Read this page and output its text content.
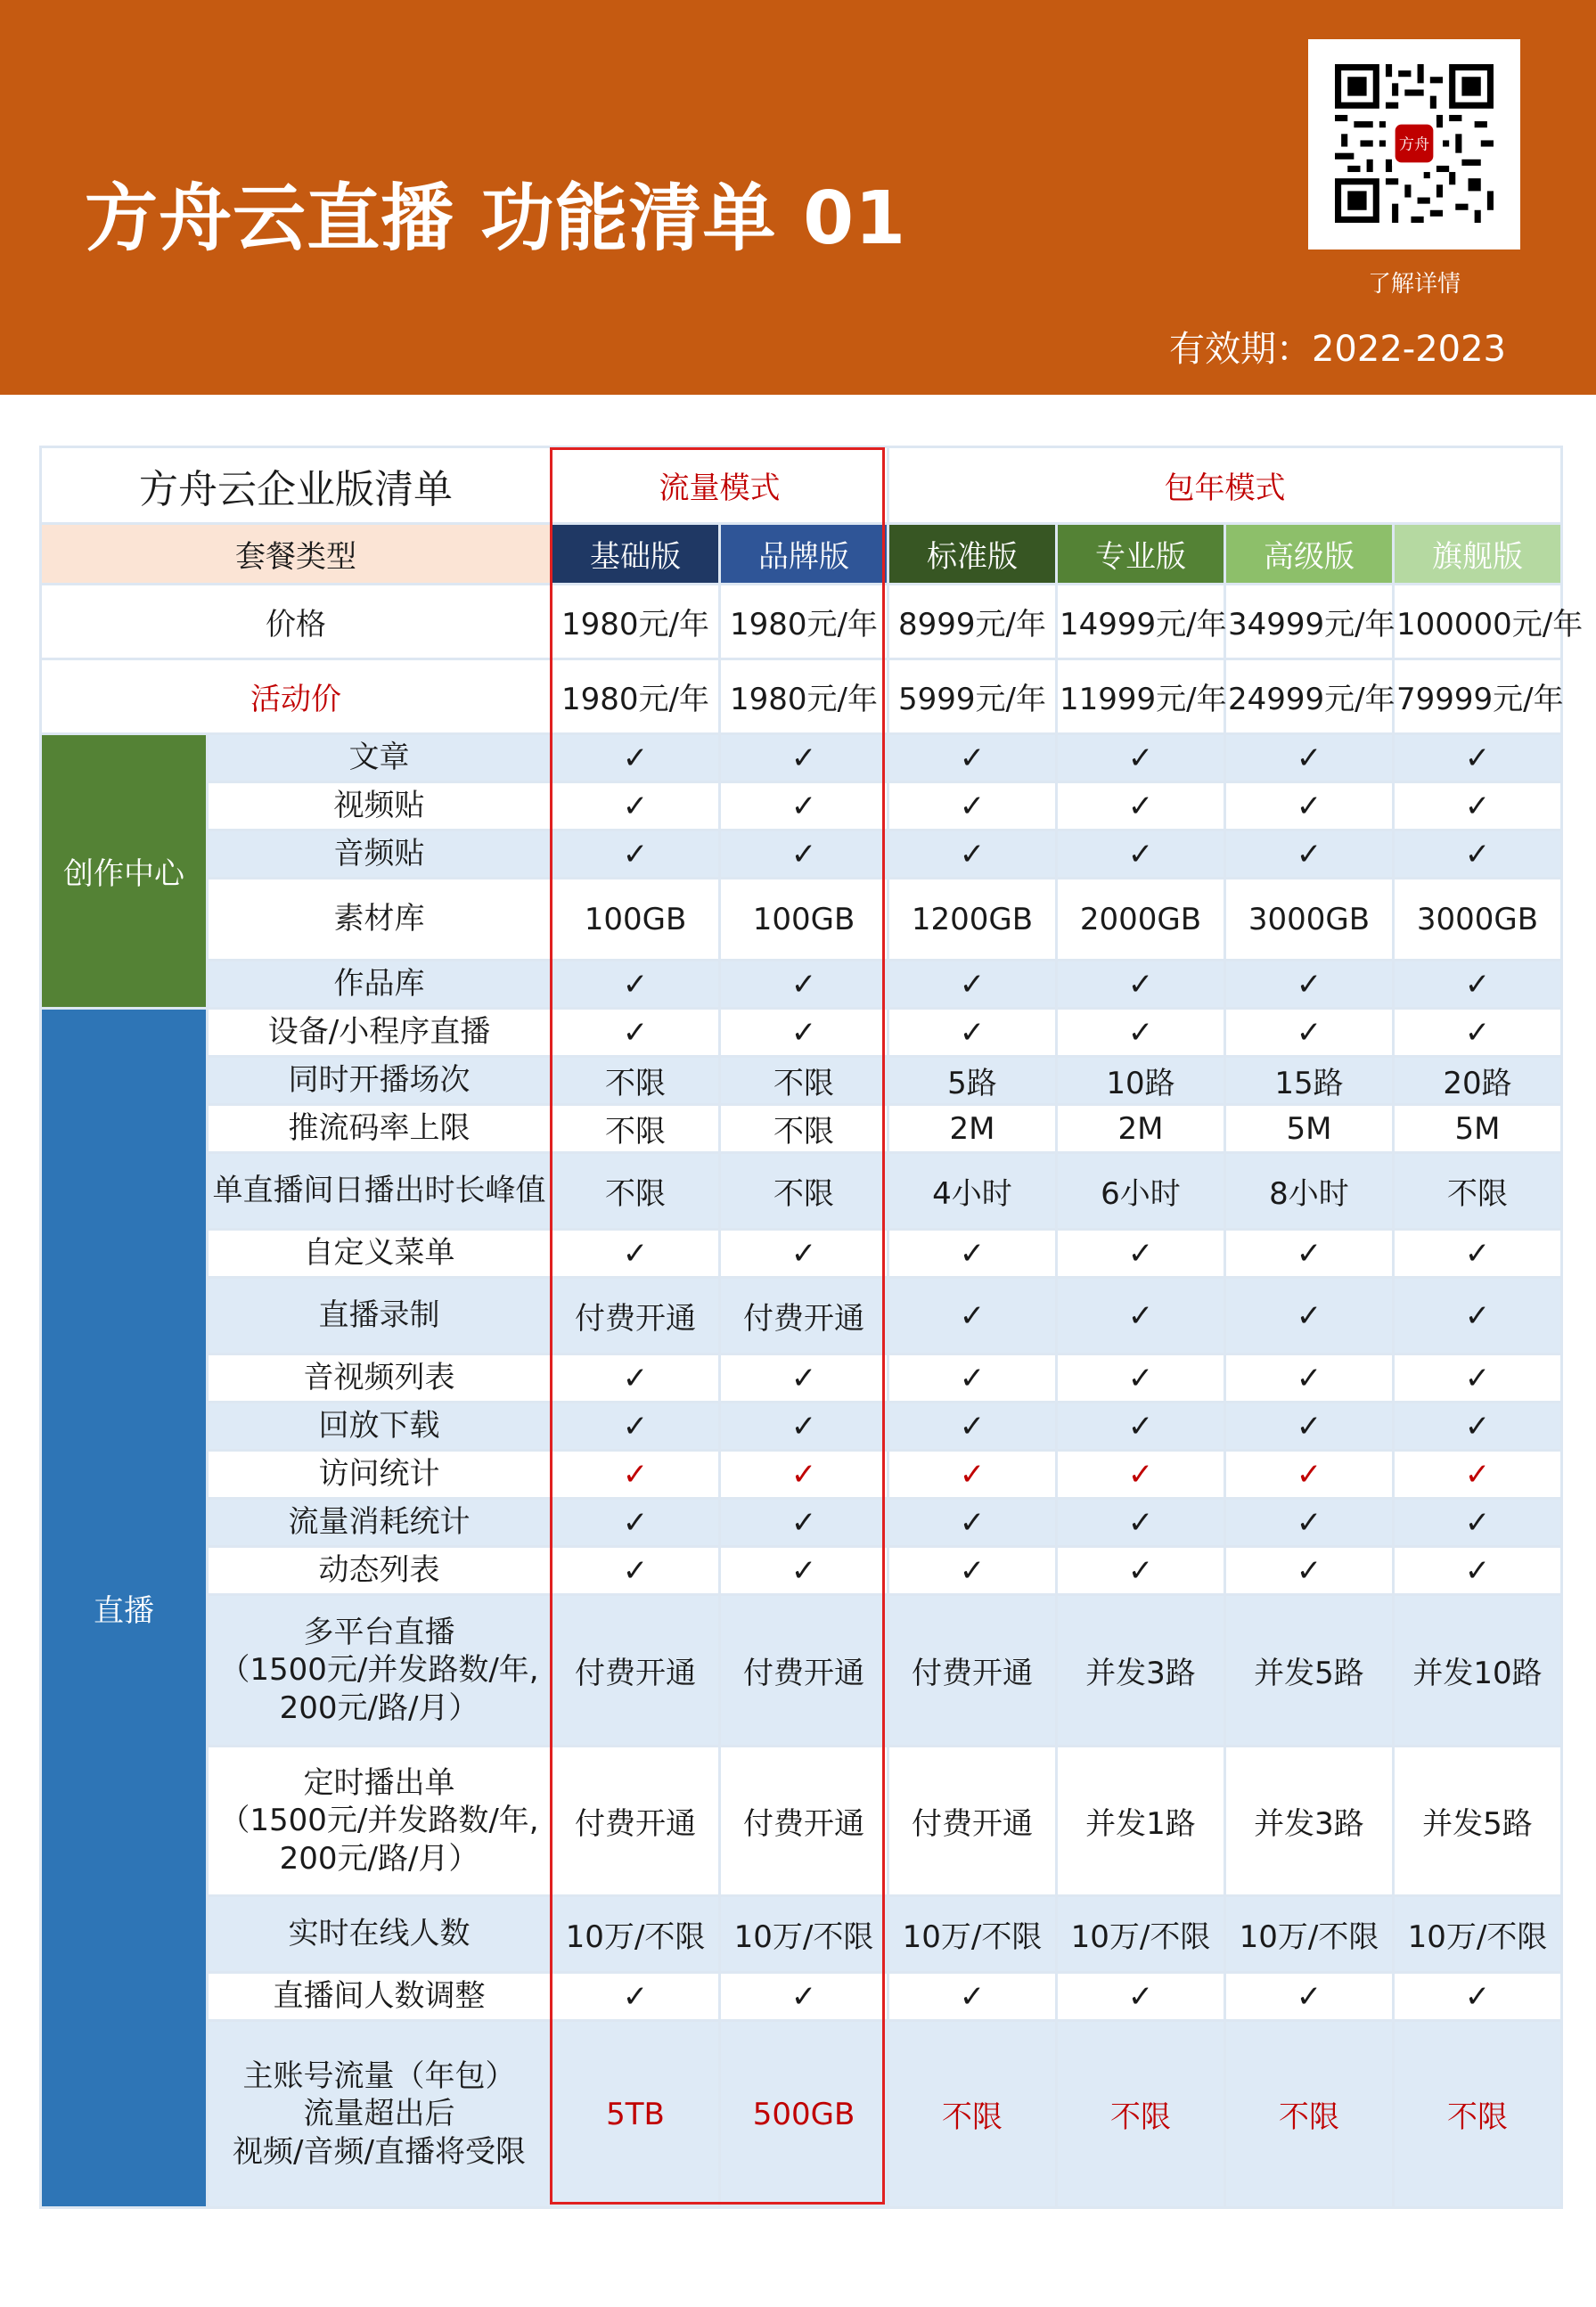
方舟云直播 功能清单 01
方舟
了解详情
有效期：2022-2023
方舟云企业版清单		流量模式		包年模式			
套餐类型		基础版	品牌版	标准版	专业版	高级版	旗舰版
价格		1980元/年	1980元/年	8999元/年	14999元/年	34999元/年	100000元/年
活动价		1980元/年	1980元/年	5999元/年	11999元/年	24999元/年	79999元/年
创作中心	文章	✓	✓	✓	✓	✓	✓

	视频贴	✓	✓	✓	✓	✓	✓

	音频贴	✓	✓	✓	✓	✓	✓

	素材库	100GB	100GB	1200GB	2000GB	3000GB	3000GB

	作品库	✓	✓	✓	✓	✓	✓
直播	设备/小程序直播	✓	✓	✓	✓	✓	✓

	同时开播场次	不限	不限	5路	10路	15路	20路

	推流码率上限	不限	不限	2M	2M	5M	5M

	单直播间日播出时长峰值	不限	不限	4小时	6小时	8小时	不限

	自定义菜单	✓	✓	✓	✓	✓	✓

	直播录制	付费开通	付费开通	✓	✓	✓	✓

	音视频列表	✓	✓	✓	✓	✓	✓

	回放下载	✓	✓	✓	✓	✓	✓

	访问统计	✓	✓	✓	✓	✓	✓

	流量消耗统计	✓	✓	✓	✓	✓	✓

	动态列表	✓	✓	✓	✓	✓	✓

	多平台直播
（1500元/并发路数/年,
200元/路/月）	付费开通	付费开通	付费开通	并发3路	并发5路	并发10路

	定时播出单
（1500元/并发路数/年,
200元/路/月）	付费开通	付费开通	付费开通	并发1路	并发3路	并发5路

	实时在线人数	10万/不限	10万/不限	10万/不限	10万/不限	10万/不限	10万/不限

	直播间人数调整	✓	✓	✓	✓	✓	✓

	主账号流量（年包）
流量超出后
视频/音频/直播将受限	5TB	500GB	不限	不限	不限	不限
